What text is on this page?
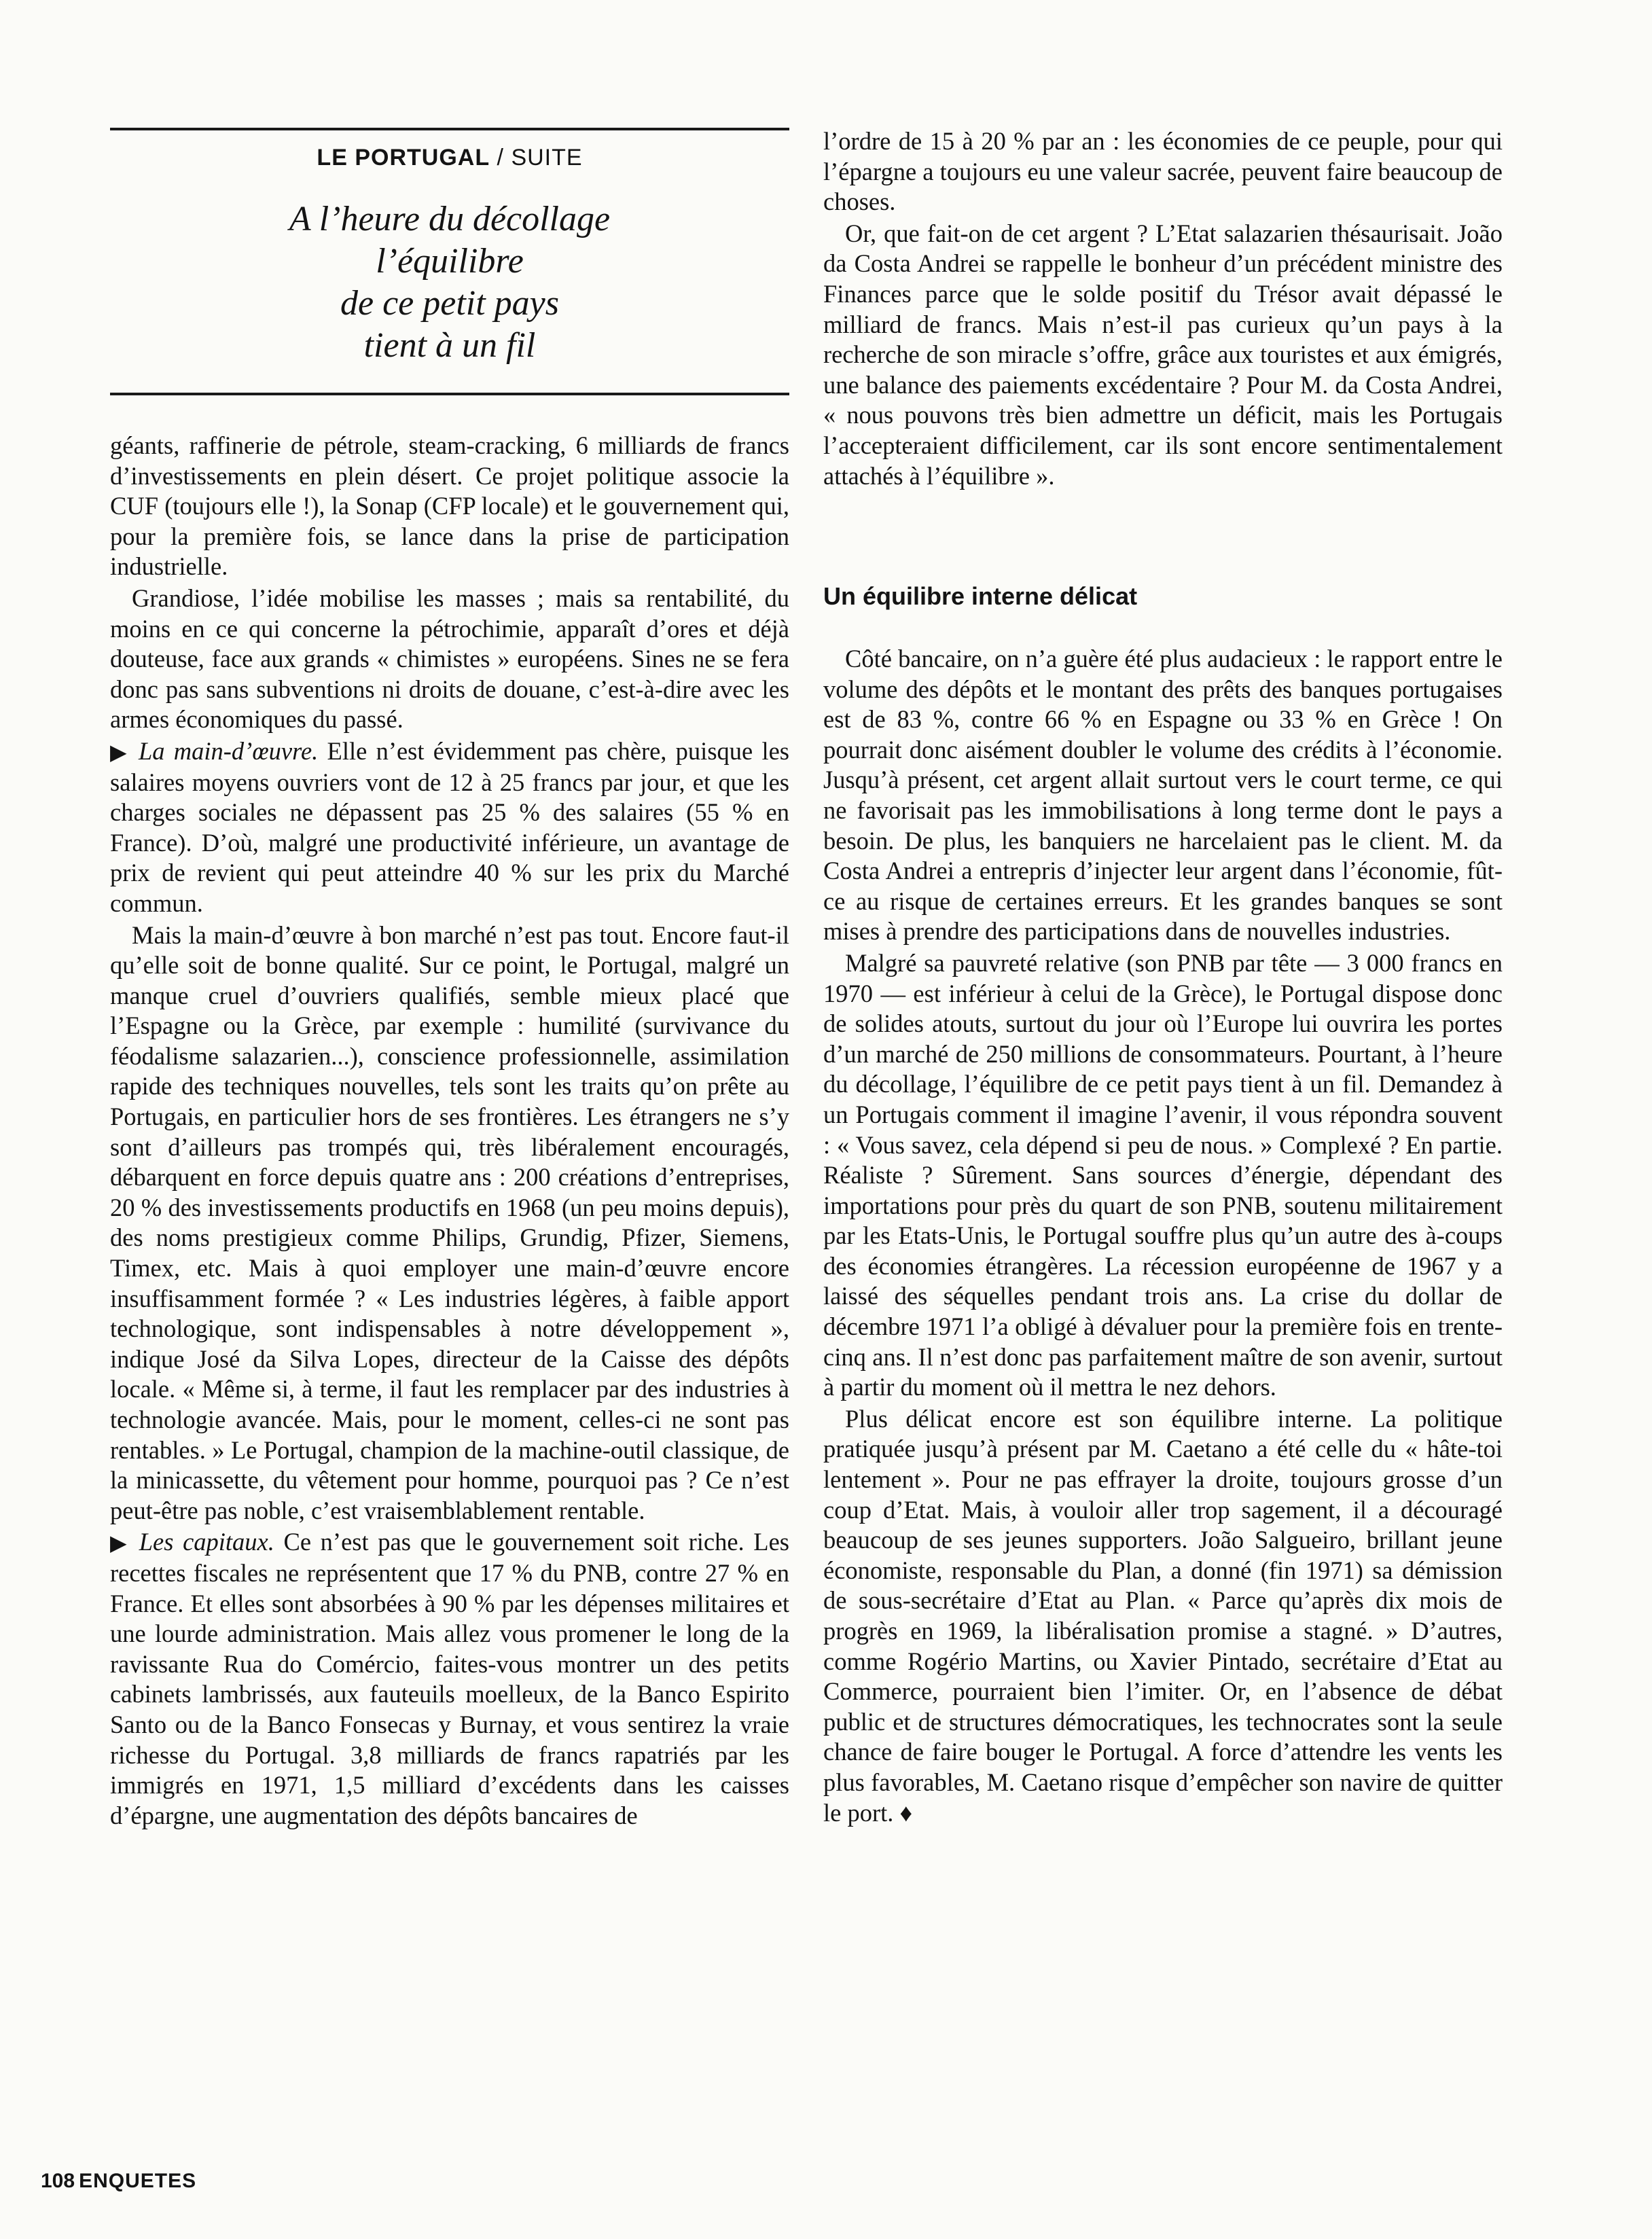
LE PORTUGAL / SUITE
A l’heure du décollage
l’équilibre
de ce petit pays
tient à un fil

géants, raffinerie de pétrole, steam-cracking, 6 milliards de francs d’investissements en plein désert. Ce projet politique associe la CUF (toujours elle !), la Sonap (CFP locale) et le gouvernement qui, pour la première fois, se lance dans la prise de participation industrielle.

Grandiose, l’idée mobilise les masses ; mais sa rentabilité, du moins en ce qui concerne la pétrochimie, apparaît d’ores et déjà douteuse, face aux grands « chimistes » européens. Sines ne se fera donc pas sans subventions ni droits de douane, c’est-à-dire avec les armes économiques du passé.

▶ La main-d’œuvre. Elle n’est évidemment pas chère, puisque les salaires moyens ouvriers vont de 12 à 25 francs par jour, et que les charges sociales ne dépassent pas 25 % des salaires (55 % en France). D’où, malgré une productivité inférieure, un avantage de prix de revient qui peut atteindre 40 % sur les prix du Marché commun.

Mais la main-d’œuvre à bon marché n’est pas tout. Encore faut-il qu’elle soit de bonne qualité. Sur ce point, le Portugal, malgré un manque cruel d’ouvriers qualifiés, semble mieux placé que l’Espagne ou la Grèce, par exemple : humilité (survivance du féodalisme salazarien...), conscience professionnelle, assimilation rapide des techniques nouvelles, tels sont les traits qu’on prête au Portugais, en particulier hors de ses frontières. Les étrangers ne s’y sont d’ailleurs pas trompés qui, très libéralement encouragés, débarquent en force depuis quatre ans : 200 créations d’entreprises, 20 % des investissements productifs en 1968 (un peu moins depuis), des noms prestigieux comme Philips, Grundig, Pfizer, Siemens, Timex, etc. Mais à quoi employer une main-d’œuvre encore insuffisamment formée ? « Les industries légères, à faible apport technologique, sont indispensables à notre développement », indique José da Silva Lopes, directeur de la Caisse des dépôts locale. « Même si, à terme, il faut les remplacer par des industries à technologie avancée. Mais, pour le moment, celles-ci ne sont pas rentables. » Le Portugal, champion de la machine-outil classique, de la minicassette, du vêtement pour homme, pourquoi pas ? Ce n’est peut-être pas noble, c’est vraisemblablement rentable.

▶ Les capitaux. Ce n’est pas que le gouvernement soit riche. Les recettes fiscales ne représentent que 17 % du PNB, contre 27 % en France. Et elles sont absorbées à 90 % par les dépenses militaires et une lourde administration. Mais allez vous promener le long de la ravissante Rua do Comércio, faites-vous montrer un des petits cabinets lambrissés, aux fauteuils moelleux, de la Banco Espirito Santo ou de la Banco Fonsecas y Burnay, et vous sentirez la vraie richesse du Portugal. 3,8 milliards de francs rapatriés par les immigrés en 1971, 1,5 milliard d’excédents dans les caisses d’épargne, une augmentation des dépôts bancaires de

l’ordre de 15 à 20 % par an : les économies de ce peuple, pour qui l’épargne a toujours eu une valeur sacrée, peuvent faire beaucoup de choses.

Or, que fait-on de cet argent ? L’Etat salazarien thésaurisait. João da Costa Andrei se rappelle le bonheur d’un précédent ministre des Finances parce que le solde positif du Trésor avait dépassé le milliard de francs. Mais n’est-il pas curieux qu’un pays à la recherche de son miracle s’offre, grâce aux touristes et aux émigrés, une balance des paiements excédentaire ? Pour M. da Costa Andrei, « nous pouvons très bien admettre un déficit, mais les Portugais l’accepteraient difficilement, car ils sont encore sentimentalement attachés à l’équilibre ».

Un équilibre interne délicat

Côté bancaire, on n’a guère été plus audacieux : le rapport entre le volume des dépôts et le montant des prêts des banques portugaises est de 83 %, contre 66 % en Espagne ou 33 % en Grèce ! On pourrait donc aisément doubler le volume des crédits à l’économie. Jusqu’à présent, cet argent allait surtout vers le court terme, ce qui ne favorisait pas les immobilisations à long terme dont le pays a besoin. De plus, les banquiers ne harcelaient pas le client. M. da Costa Andrei a entrepris d’injecter leur argent dans l’économie, fût-ce au risque de certaines erreurs. Et les grandes banques se sont mises à prendre des participations dans de nouvelles industries.

Malgré sa pauvreté relative (son PNB par tête — 3 000 francs en 1970 — est inférieur à celui de la Grèce), le Portugal dispose donc de solides atouts, surtout du jour où l’Europe lui ouvrira les portes d’un marché de 250 millions de consommateurs. Pourtant, à l’heure du décollage, l’équilibre de ce petit pays tient à un fil. Demandez à un Portugais comment il imagine l’avenir, il vous répondra souvent : « Vous savez, cela dépend si peu de nous. » Complexé ? En partie. Réaliste ? Sûrement. Sans sources d’énergie, dépendant des importations pour près du quart de son PNB, soutenu militairement par les Etats-Unis, le Portugal souffre plus qu’un autre des à-coups des économies étrangères. La récession européenne de 1967 y a laissé des séquelles pendant trois ans. La crise du dollar de décembre 1971 l’a obligé à dévaluer pour la première fois en trente-cinq ans. Il n’est donc pas parfaitement maître de son avenir, surtout à partir du moment où il mettra le nez dehors.

Plus délicat encore est son équilibre interne. La politique pratiquée jusqu’à présent par M. Caetano a été celle du « hâte-toi lentement ». Pour ne pas effrayer la droite, toujours grosse d’un coup d’Etat. Mais, à vouloir aller trop sagement, il a découragé beaucoup de ses jeunes supporters. João Salgueiro, brillant jeune économiste, responsable du Plan, a donné (fin 1971) sa démission de sous-secrétaire d’Etat au Plan. « Parce qu’après dix mois de progrès en 1969, la libéralisation promise a stagné. » D’autres, comme Rogério Martins, ou Xavier Pintado, secrétaire d’Etat au Commerce, pourraient bien l’imiter. Or, en l’absence de débat public et de structures démocratiques, les technocrates sont la seule chance de faire bouger le Portugal. A force d’attendre les vents les plus favorables, M. Caetano risque d’empêcher son navire de quitter le port. ♦

108 ENQUETES
